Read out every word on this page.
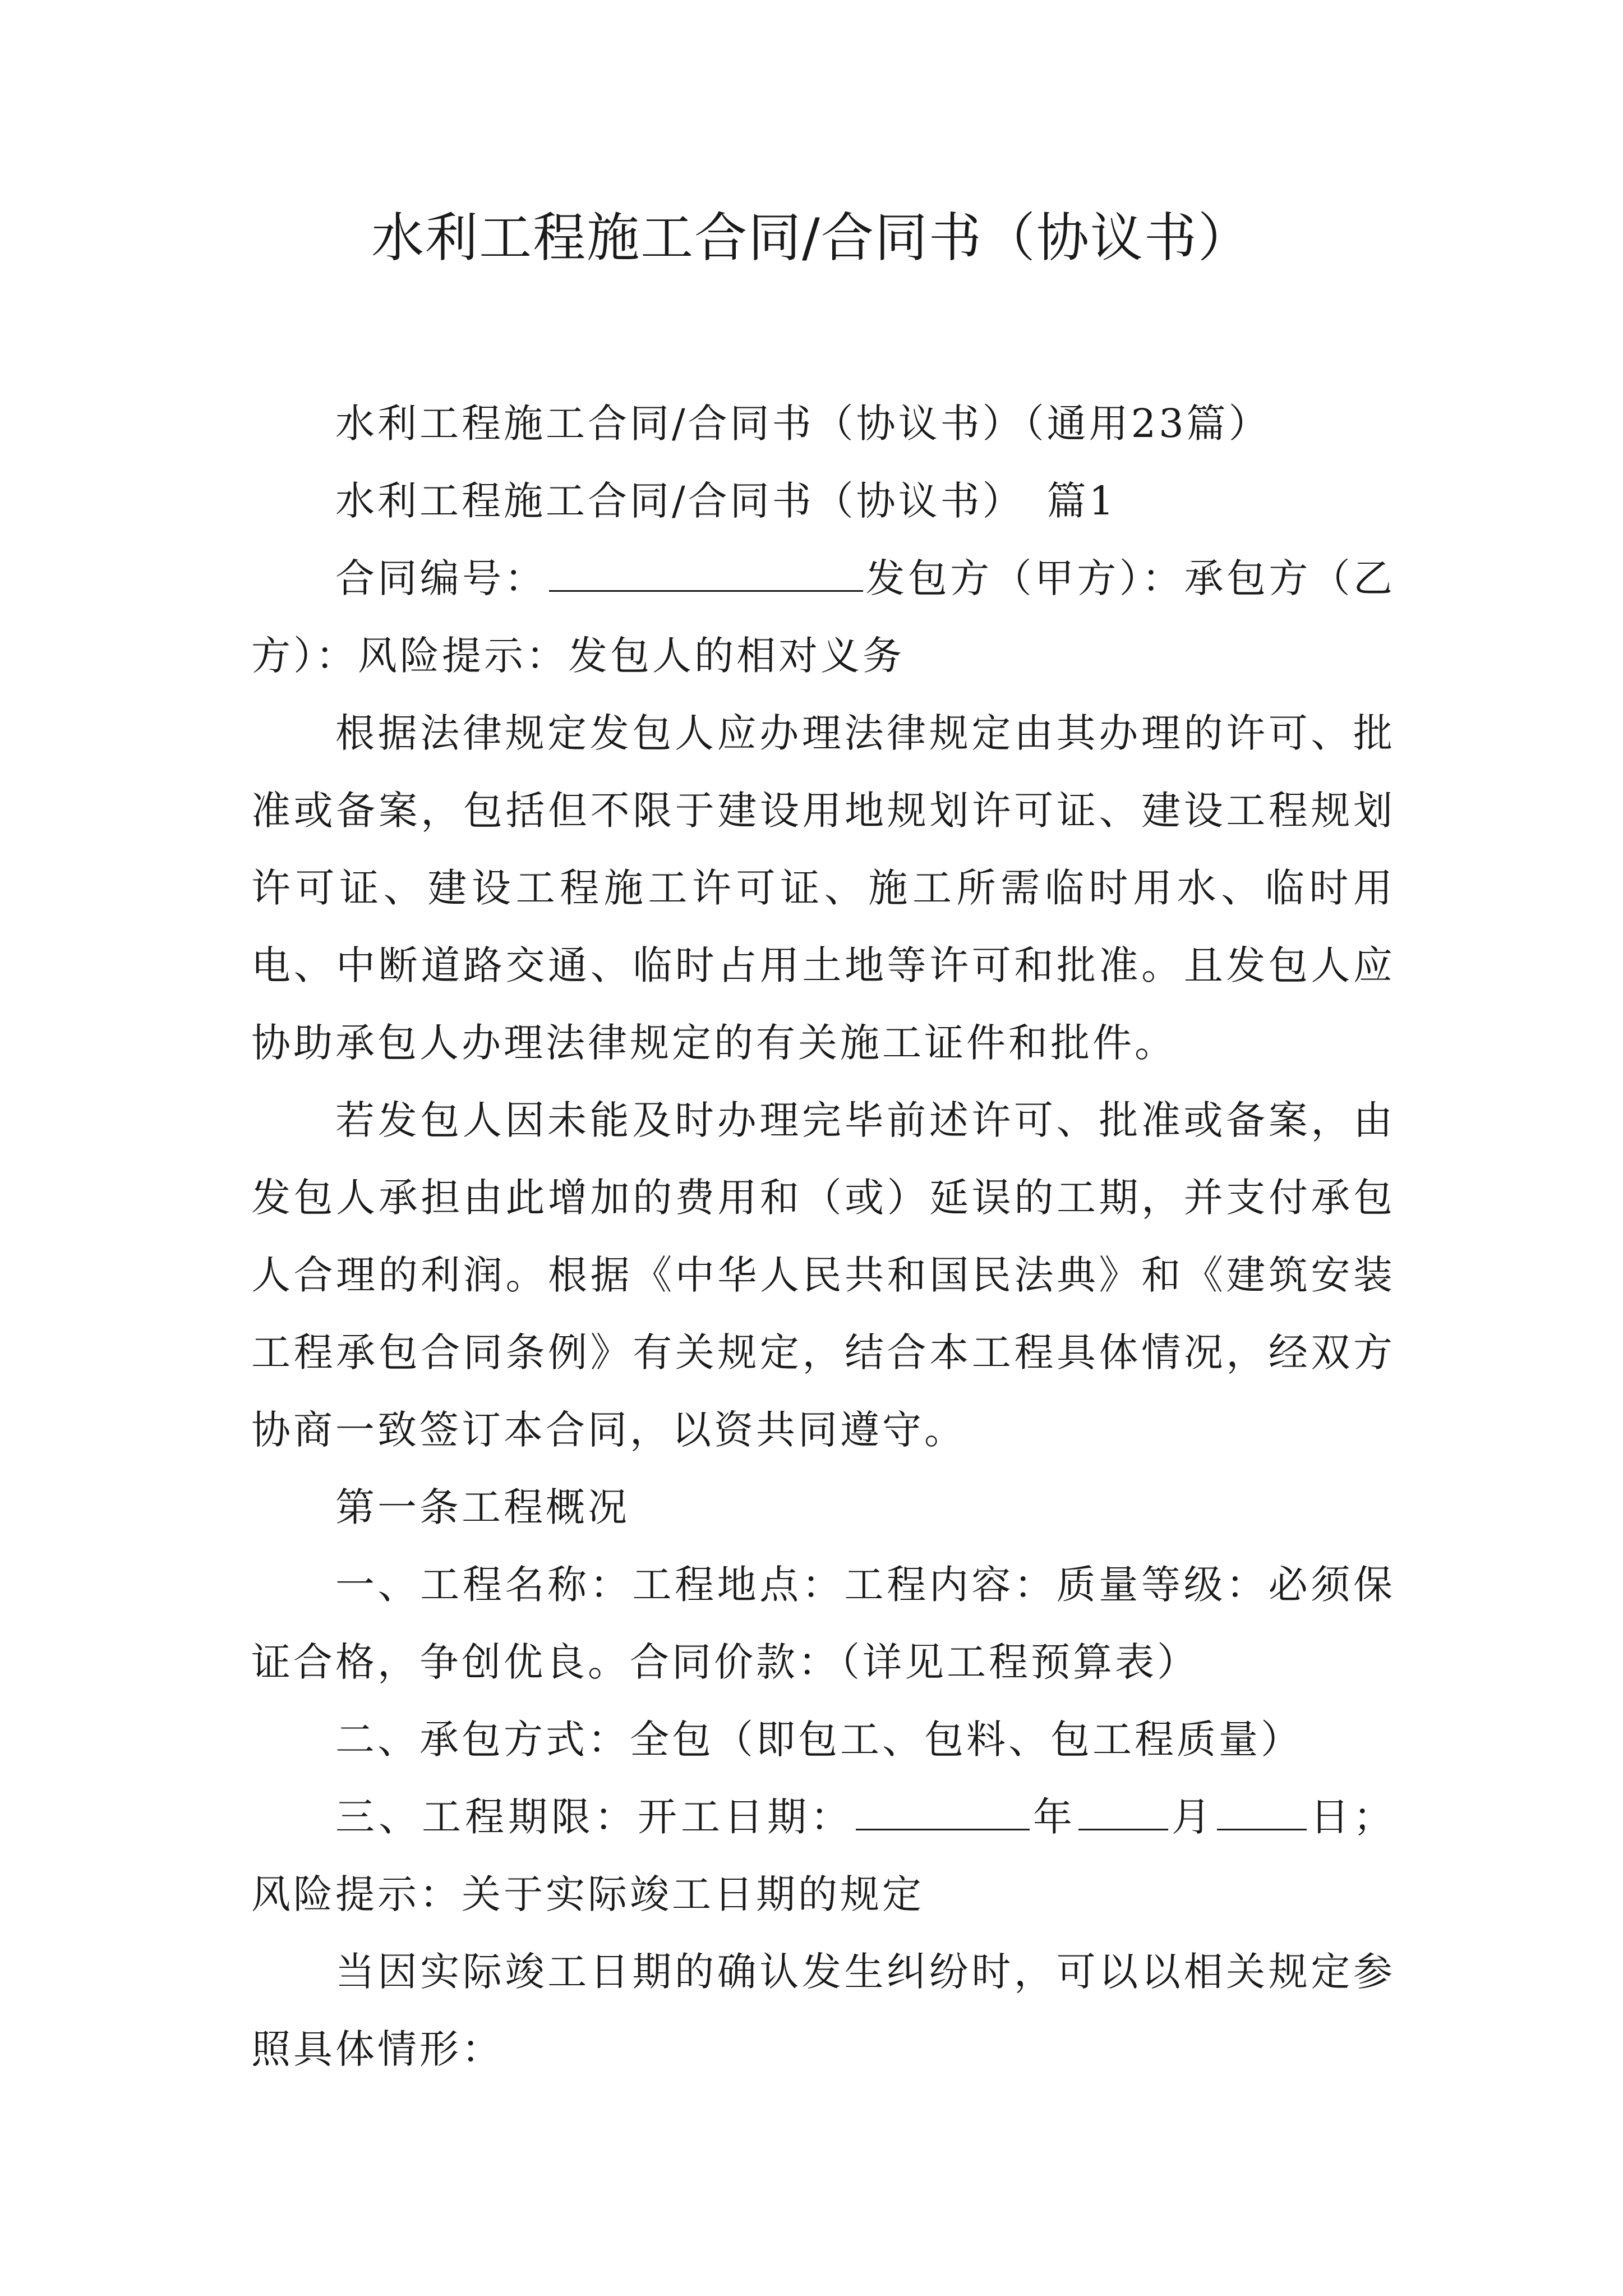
水利工程施工合同/合同书（协议书）

水利工程施工合同/合同书（协议书）（通用23篇）

水利工程施工合同/合同书（协议书）　篇1

合同编号：	发包方（甲方）：承包方（乙方）：风险提示：发包人的相对义务

根据法律规定发包人应办理法律规定由其办理的许可、批准或备案，包括但不限于建设用地规划许可证、建设工程规划许可证、建设工程施工许可证、施工所需临时用水、临时用电、中断道路交通、临时占用土地等许可和批准。且发包人应协助承包人办理法律规定的有关施工证件和批件。

若发包人因未能及时办理完毕前述许可、批准或备案，由发包人承担由此增加的费用和（或）延误的工期，并支付承包人合理的利润。根据《中华人民共和国民法典》和《建筑安装工程承包合同条例》有关规定，结合本工程具体情况，经双方协商一致签订本合同，以资共同遵守。

第一条工程概况

一、工程名称：工程地点：工程内容：质量等级：必须保证合格，争创优良。合同价款：（详见工程预算表）

二、承包方式：全包（即包工、包料、包工程质量）

三、工程期限：开工日期：	年 月 日；风险提示：关于实际竣工日期的规定

当因实际竣工日期的确认发生纠纷时，可以以相关规定参照具体情形：
